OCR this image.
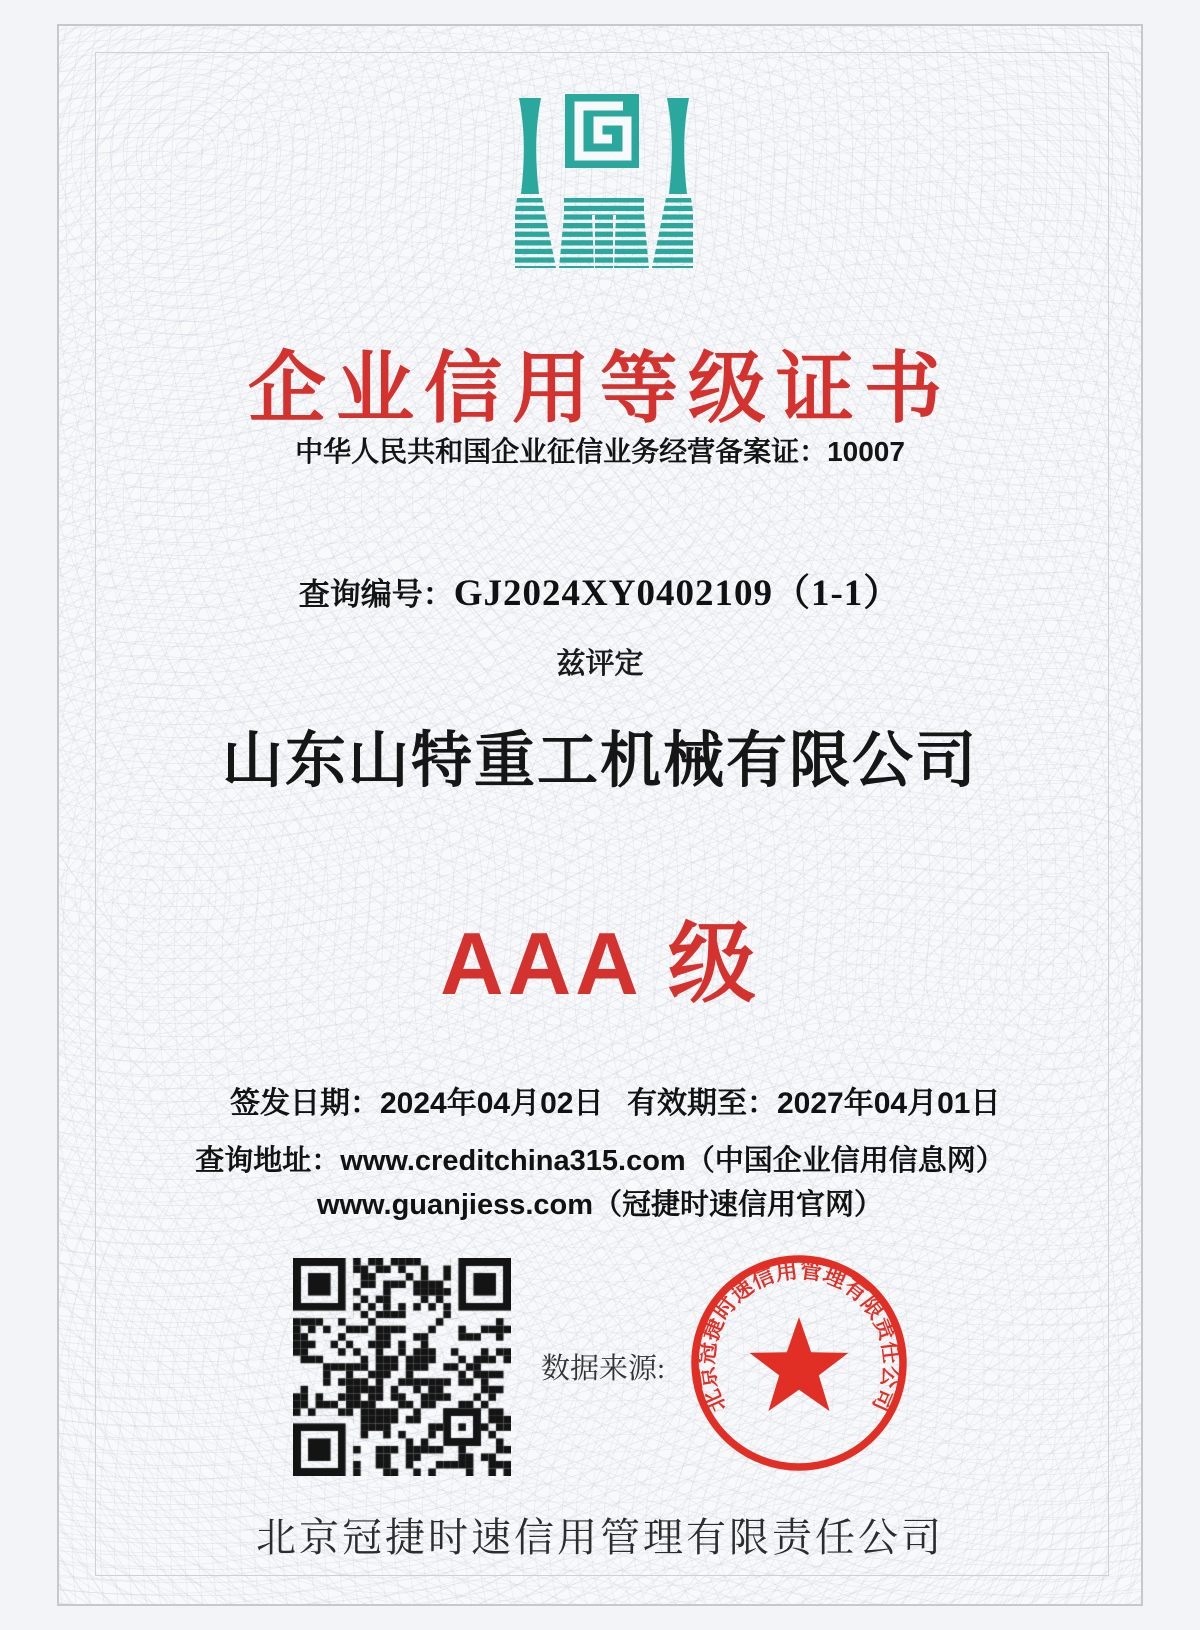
企业信用等级证书
中华人民共和国企业征信业务经营备案证：10007
查询编号： GJ2024XY0402109（1-1）
兹评定
山东山特重工机械有限公司
AAA 级
签发日期：2024年04月02日 有效期至：2027年04月01日
查询地址：www.creditchina315.com（中国企业信用信息网）
www.guanjiess.com（冠捷时速信用官网）
数据来源:
北京冠捷时速信用管理有限责任公司
北京冠捷时速信用管理有限责任公司
